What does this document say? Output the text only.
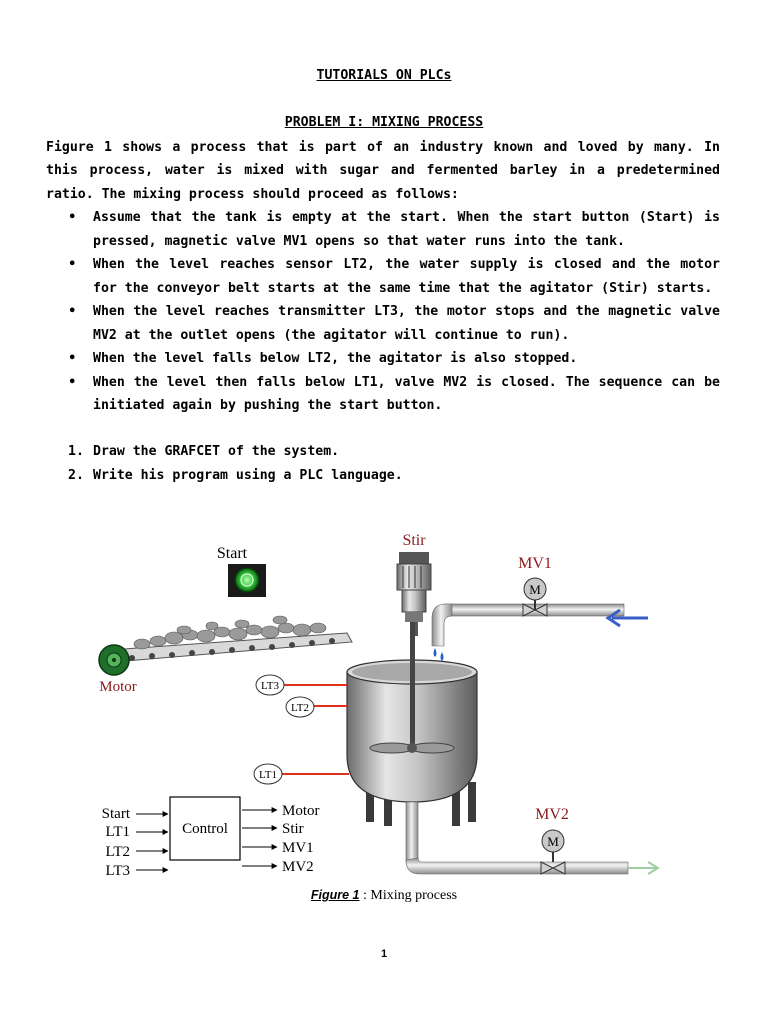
TUTORIALS ON PLCs
PROBLEM I: MIXING PROCESS
Figure 1 shows a process that is part of an industry known and loved by many. In this process, water is mixed with sugar and fermented barley in a predetermined ratio. The mixing process should proceed as follows:
• Assume that the tank is empty at the start. When the start button (Start) is pressed, magnetic valve MV1 opens so that water runs into the tank.
• When the level reaches sensor LT2, the water supply is closed and the motor for the conveyor belt starts at the same time that the agitator (Stir) starts.
• When the level reaches transmitter LT3, the motor stops and the magnetic valve MV2 at the outlet opens (the agitator will continue to run).
• When the level falls below LT2, the agitator is also stopped.
• When the level then falls below LT1, valve MV2 is closed. The sequence can be initiated again by pushing the start button.
1. Draw the GRAFCET of the system.
2. Write his program using a PLC language.
Start
Stir
MV1
M
Motor
MV2
M
LT3
LT2
LT1
Control
Start
LT1
LT2
LT3
Motor
Stir
MV1
MV2
Figure 1 : Mixing process
1
